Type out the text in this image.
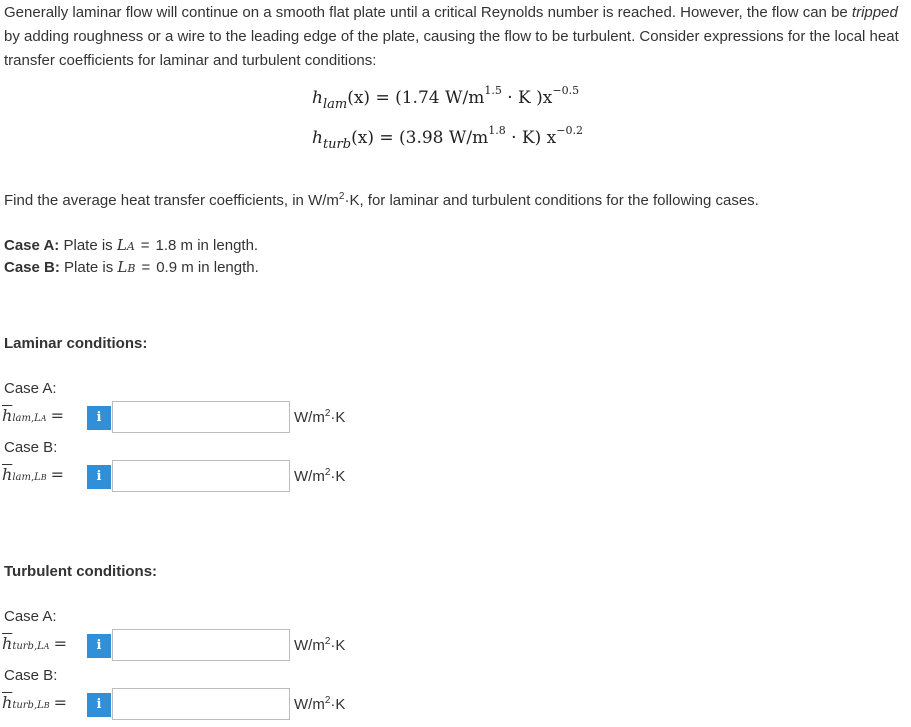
Generally laminar flow will continue on a smooth flat plate until a critical Reynolds number is reached. However, the flow can be tripped by adding roughness or a wire to the leading edge of the plate, causing the flow to be turbulent. Consider expressions for the local heat transfer coefficients for laminar and turbulent conditions:

$h_{lam}(x) = (1.74$ $W/m^{1.5} \cdot K$ )$x^{-0.5}$
$h_{turb}(x) = (3.98$ $W/m^{1.8} \cdot K$) $x^{-0.2}$

Find the average heat transfer coefficients, in $W/m^2\cdot K$, for laminar and turbulent conditions for the following cases.

Case A: Plate is LA = 1.8 m in length.

Case B: Plate is LB = 0.9 m in length.

Laminar conditions:

Case A:

$\overline{h}lam,LA$ =	i	$W/m^2\cdot K$

Case B:

$\overline{h}lam,LB$ =	i	$W/m^2\cdot K$

Turbulent conditions:

Case A:

$\overline{h}turb,LA$ =	i	$W/m^2\cdot K$

Case B:

$\overline{h}turb,LB$ =	i	$W/m^2\cdot K$
